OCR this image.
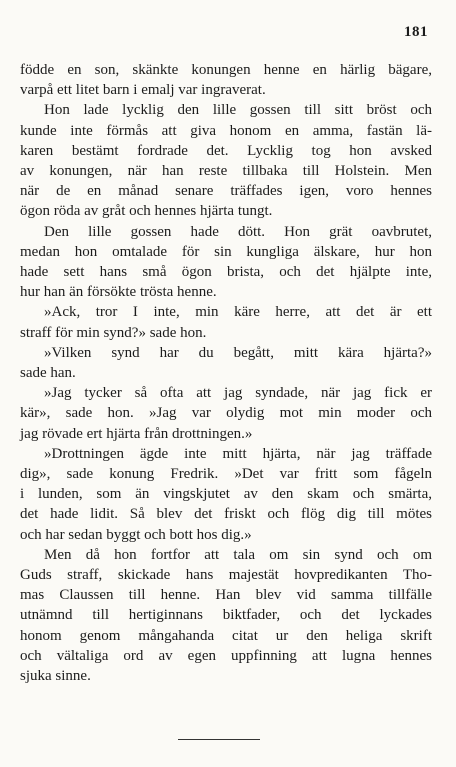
181
födde en son, skänkte konungen henne en härlig bägare,
varpå ett litet barn i emalj var ingraverat.
Hon lade lycklig den lille gossen till sitt bröst och
kunde inte förmås att giva honom en amma, fastän lä-
karen bestämt fordrade det. Lycklig tog hon avsked
av konungen, när han reste tillbaka till Holstein. Men
när de en månad senare träffades igen, voro hennes
ögon röda av gråt och hennes hjärta tungt.
Den lille gossen hade dött. Hon grät oavbrutet,
medan hon omtalade för sin kungliga älskare, hur hon
hade sett hans små ögon brista, och det hjälpte inte,
hur han än försökte trösta henne.
»Ack, tror I inte, min käre herre, att det är ett
straff för min synd?» sade hon.
»Vilken synd har du begått, mitt kära hjärta?»
sade han.
»Jag tycker så ofta att jag syndade, när jag fick er
kär», sade hon. »Jag var olydig mot min moder och
jag rövade ert hjärta från drottningen.»
»Drottningen ägde inte mitt hjärta, när jag träffade
dig», sade konung Fredrik. »Det var fritt som fågeln
i lunden, som än vingskjutet av den skam och smärta,
det hade lidit. Så blev det friskt och flög dig till mötes
och har sedan byggt och bott hos dig.»
Men då hon fortfor att tala om sin synd och om
Guds straff, skickade hans majestät hovpredikanten Tho-
mas Claussen till henne. Han blev vid samma tillfälle
utnämnd till hertiginnans biktfader, och det lyckades
honom genom mångahanda citat ur den heliga skrift
och vältaliga ord av egen uppfinning att lugna hennes
sjuka sinne.
